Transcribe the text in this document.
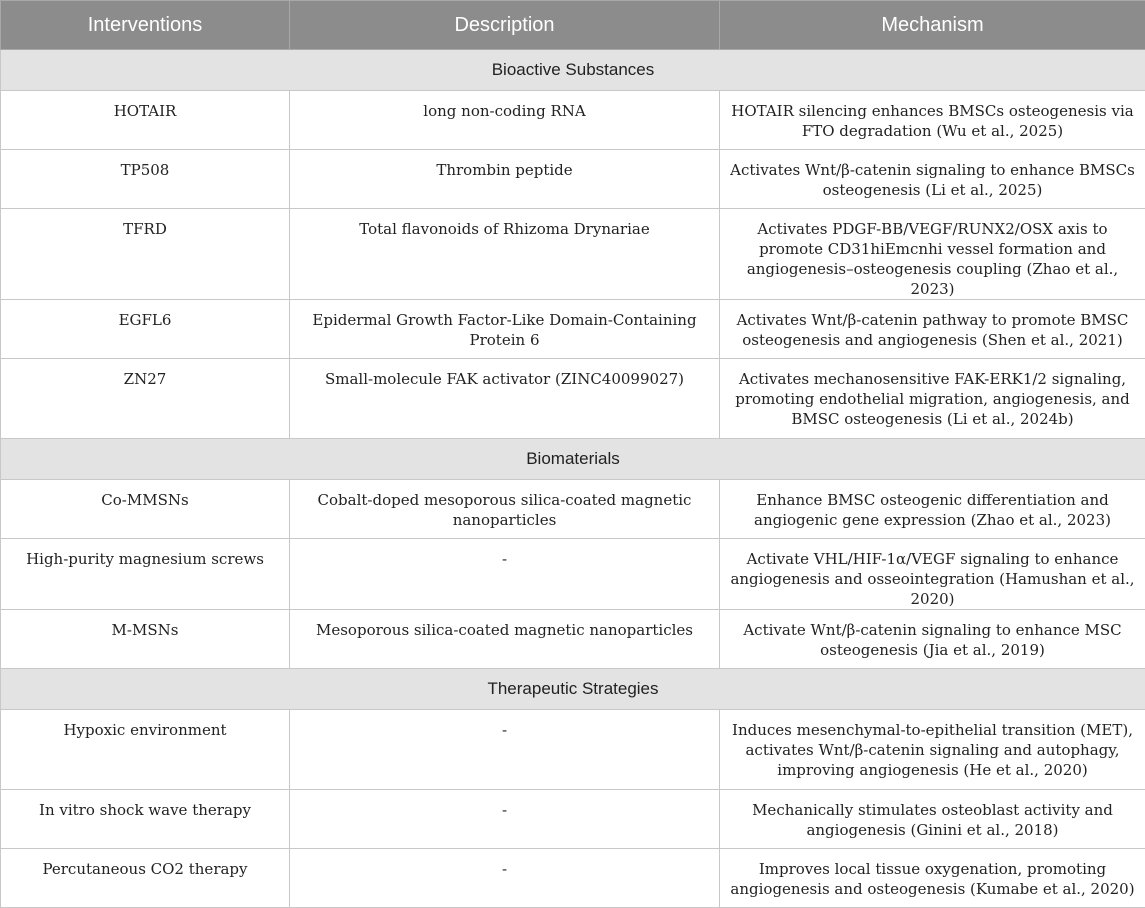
Interventions	Description	Mechanism
Bioactive Substances		
HOTAIR	long non-coding RNA	HOTAIR silencing enhances BMSCs osteogenesis via FTO degradation (Wu et al., 2025)
TP508	Thrombin peptide	Activates Wnt/β-catenin signaling to enhance BMSCs osteogenesis (Li et al., 2025)
TFRD	Total flavonoids of Rhizoma Drynariae	Activates PDGF-BB/VEGF/RUNX2/OSX axis to promote CD31hiEmcnhi vessel formation and angiogenesis–osteogenesis coupling (Zhao et al., 2023)
EGFL6	Epidermal Growth Factor-Like Domain-Containing Protein 6	Activates Wnt/β-catenin pathway to promote BMSC osteogenesis and angiogenesis (Shen et al., 2021)
ZN27	Small-molecule FAK activator (ZINC40099027)	Activates mechanosensitive FAK-ERK1/2 signaling, promoting endothelial migration, angiogenesis, and BMSC osteogenesis (Li et al., 2024b)
Biomaterials		
Co-MMSNs	Cobalt-doped mesoporous silica-coated magnetic nanoparticles	Enhance BMSC osteogenic differentiation and angiogenic gene expression (Zhao et al., 2023)
High-purity magnesium screws	-	Activate VHL/HIF-1α/VEGF signaling to enhance angiogenesis and osseointegration (Hamushan et al., 2020)
M-MSNs	Mesoporous silica-coated magnetic nanoparticles	Activate Wnt/β-catenin signaling to enhance MSC osteogenesis (Jia et al., 2019)
Therapeutic Strategies		
Hypoxic environment	-	Induces mesenchymal-to-epithelial transition (MET), activates Wnt/β-catenin signaling and autophagy, improving angiogenesis (He et al., 2020)
In vitro shock wave therapy	-	Mechanically stimulates osteoblast activity and angiogenesis (Ginini et al., 2018)
Percutaneous CO2 therapy	-	Improves local tissue oxygenation, promoting angiogenesis and osteogenesis (Kumabe et al., 2020)
